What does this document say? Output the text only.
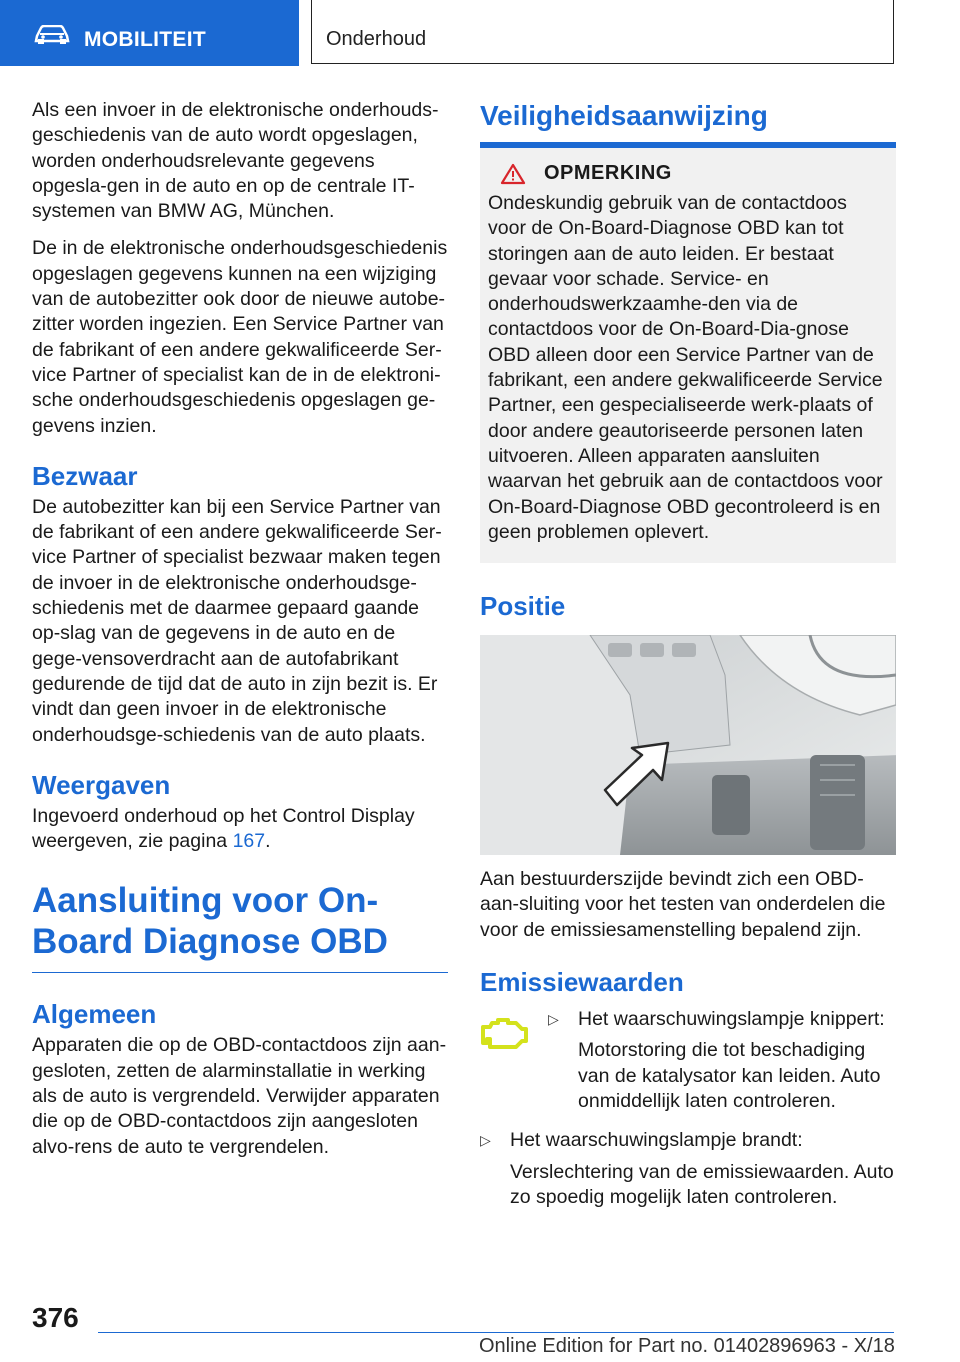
MOBILITEIT	Onderhoud

Als een invoer in de elektronische onderhouds-geschiedenis van de auto wordt opgeslagen, worden onderhoudsrelevante gegevens opgesla-gen in de auto en op de centrale IT-systemen van BMW AG, München.

De in de elektronische onderhoudsgeschiedenis opgeslagen gegevens kunnen na een wijziging van de autobezitter ook door de nieuwe autobe-zitter worden ingezien. Een Service Partner van de fabrikant of een andere gekwalificeerde Ser-vice Partner of specialist kan de in de elektroni-sche onderhoudsgeschiedenis opgeslagen ge-gevens inzien.

Bezwaar

De autobezitter kan bij een Service Partner van de fabrikant of een andere gekwalificeerde Ser-vice Partner of specialist bezwaar maken tegen de invoer in de elektronische onderhoudsge-schiedenis met de daarmee gepaard gaande op-slag van de gegevens in de auto en de gege-vensoverdracht aan de autofabrikant gedurende de tijd dat de auto in zijn bezit is. Er vindt dan geen invoer in de elektronische onderhoudsge-schiedenis van de auto plaats.

Weergaven

Ingevoerd onderhoud op het Control Display weergeven, zie pagina 167.

Aansluiting voor On-Board Diagnose OBD
Algemeen

Apparaten die op de OBD-contactdoos zijn aan-gesloten, zetten de alarminstallatie in werking als de auto is vergrendeld. Verwijder apparaten die op de OBD-contactdoos zijn aangesloten alvo-rens de auto te vergrendelen.

Veiligheidsaanwijzing
OPMERKING

Ondeskundig gebruik van de contactdoos voor de On-Board-Diagnose OBD kan tot storingen aan de auto leiden. Er bestaat gevaar voor schade. Service- en onderhoudswerkzaamhe-den via de contactdoos voor de On-Board-Dia-gnose OBD alleen door een Service Partner van de fabrikant, een andere gekwalificeerde Service Partner, een gespecialiseerde werk-plaats of door andere geautoriseerde personen laten uitvoeren. Alleen apparaten aansluiten waarvan het gebruik aan de contactdoos voor On-Board-Diagnose OBD gecontroleerd is en geen problemen oplevert.

Positie

Aan bestuurderszijde bevindt zich een OBD-aan-sluiting voor het testen van onderdelen die voor de emissiesamenstelling bepalend zijn.

Emissiewaarden
▷ Het waarschuwingslampje knippert:

Motorstoring die tot beschadiging van de katalysator kan leiden. Auto onmiddellijk laten controleren.

▷ Het waarschuwingslampje brandt:

Verslechtering van de emissiewaarden. Auto zo spoedig mogelijk laten controleren.

376
Online Edition for Part no. 01402896963 - X/18
